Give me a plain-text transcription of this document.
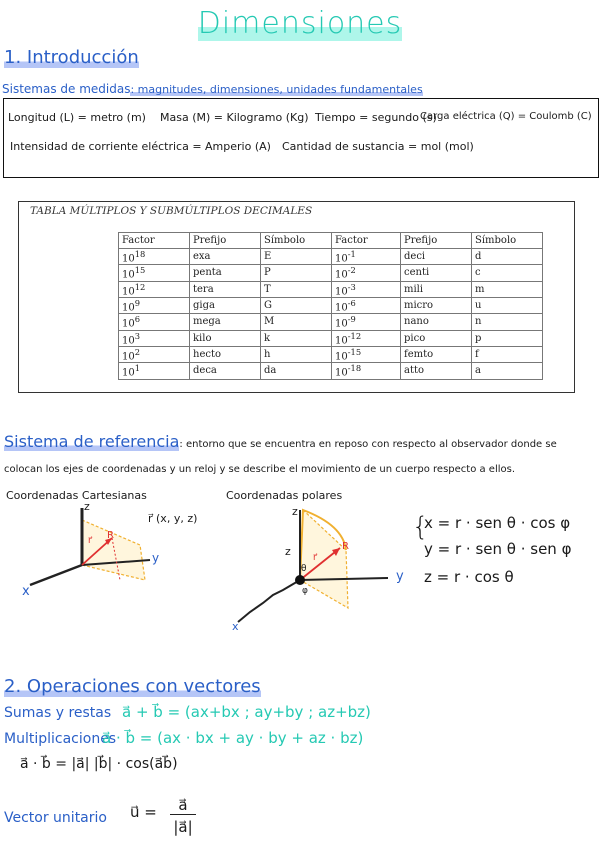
Dimensiones
1. Introducción
Sistemas de medidas: magnitudes, dimensiones, unidades fundamentales
Longitud (L) = metro (m) Masa (M) = Kilogramo (Kg) Tiempo = segundo (s)
Carga eléctrica (Q) = Coulomb (C)
Intensidad de corriente eléctrica = Amperio (A) Cantidad de sustancia = mol (mol)
TABLA MÚLTIPLOS Y SUBMÚLTIPLOS DECIMALES
Factor	Prefijo	Símbolo	Factor	Prefijo	Símbolo
$10^{18}$	exa	E	$10^{-1}$	deci	d
$10^{15}$	penta	P	$10^{-2}$	centi	c
$10^{12}$	tera	T	$10^{-3}$	mili	m
$10^9$	giga	G	$10^{-6}$	micro	u
$10^6$	mega	M	$10^{-9}$	nano	n
$10^3$	kilo	k	$10^{-12}$	pico	p
$10^2$	hecto	h	$10^{-15}$	femto	f
$10^1$	deca	da	$10^{-18}$	atto	a
Sistema de referencia: entorno que se encuentra en reposo con respecto al observador donde se
colocan los ejes de coordenadas y un reloj y se describe el movimiento de un cuerpo respecto a ellos.
Coordenadas Cartesianas	Coordenadas polares
r⃗ (x, y, z)
z
y
x
R
r⃗
z
z
y
x
R
r⃗
θ
φ
{
x = r · sen θ · cos φ
y = r · sen θ · sen φ
z = r · cos θ
2. Operaciones con vectores
Sumas y restas a⃗ + b⃗ = (ax+bx ; ay+by ; az+bz)
Multiplicaciones
a⃗ · b⃗ = (ax · bx + ay · by + az · bz)
a⃗ · b⃗ = |a⃗| |b⃗| · cos(a⃗b⃗)
Vector unitario u⃗ =	a⃗
|a⃗|
